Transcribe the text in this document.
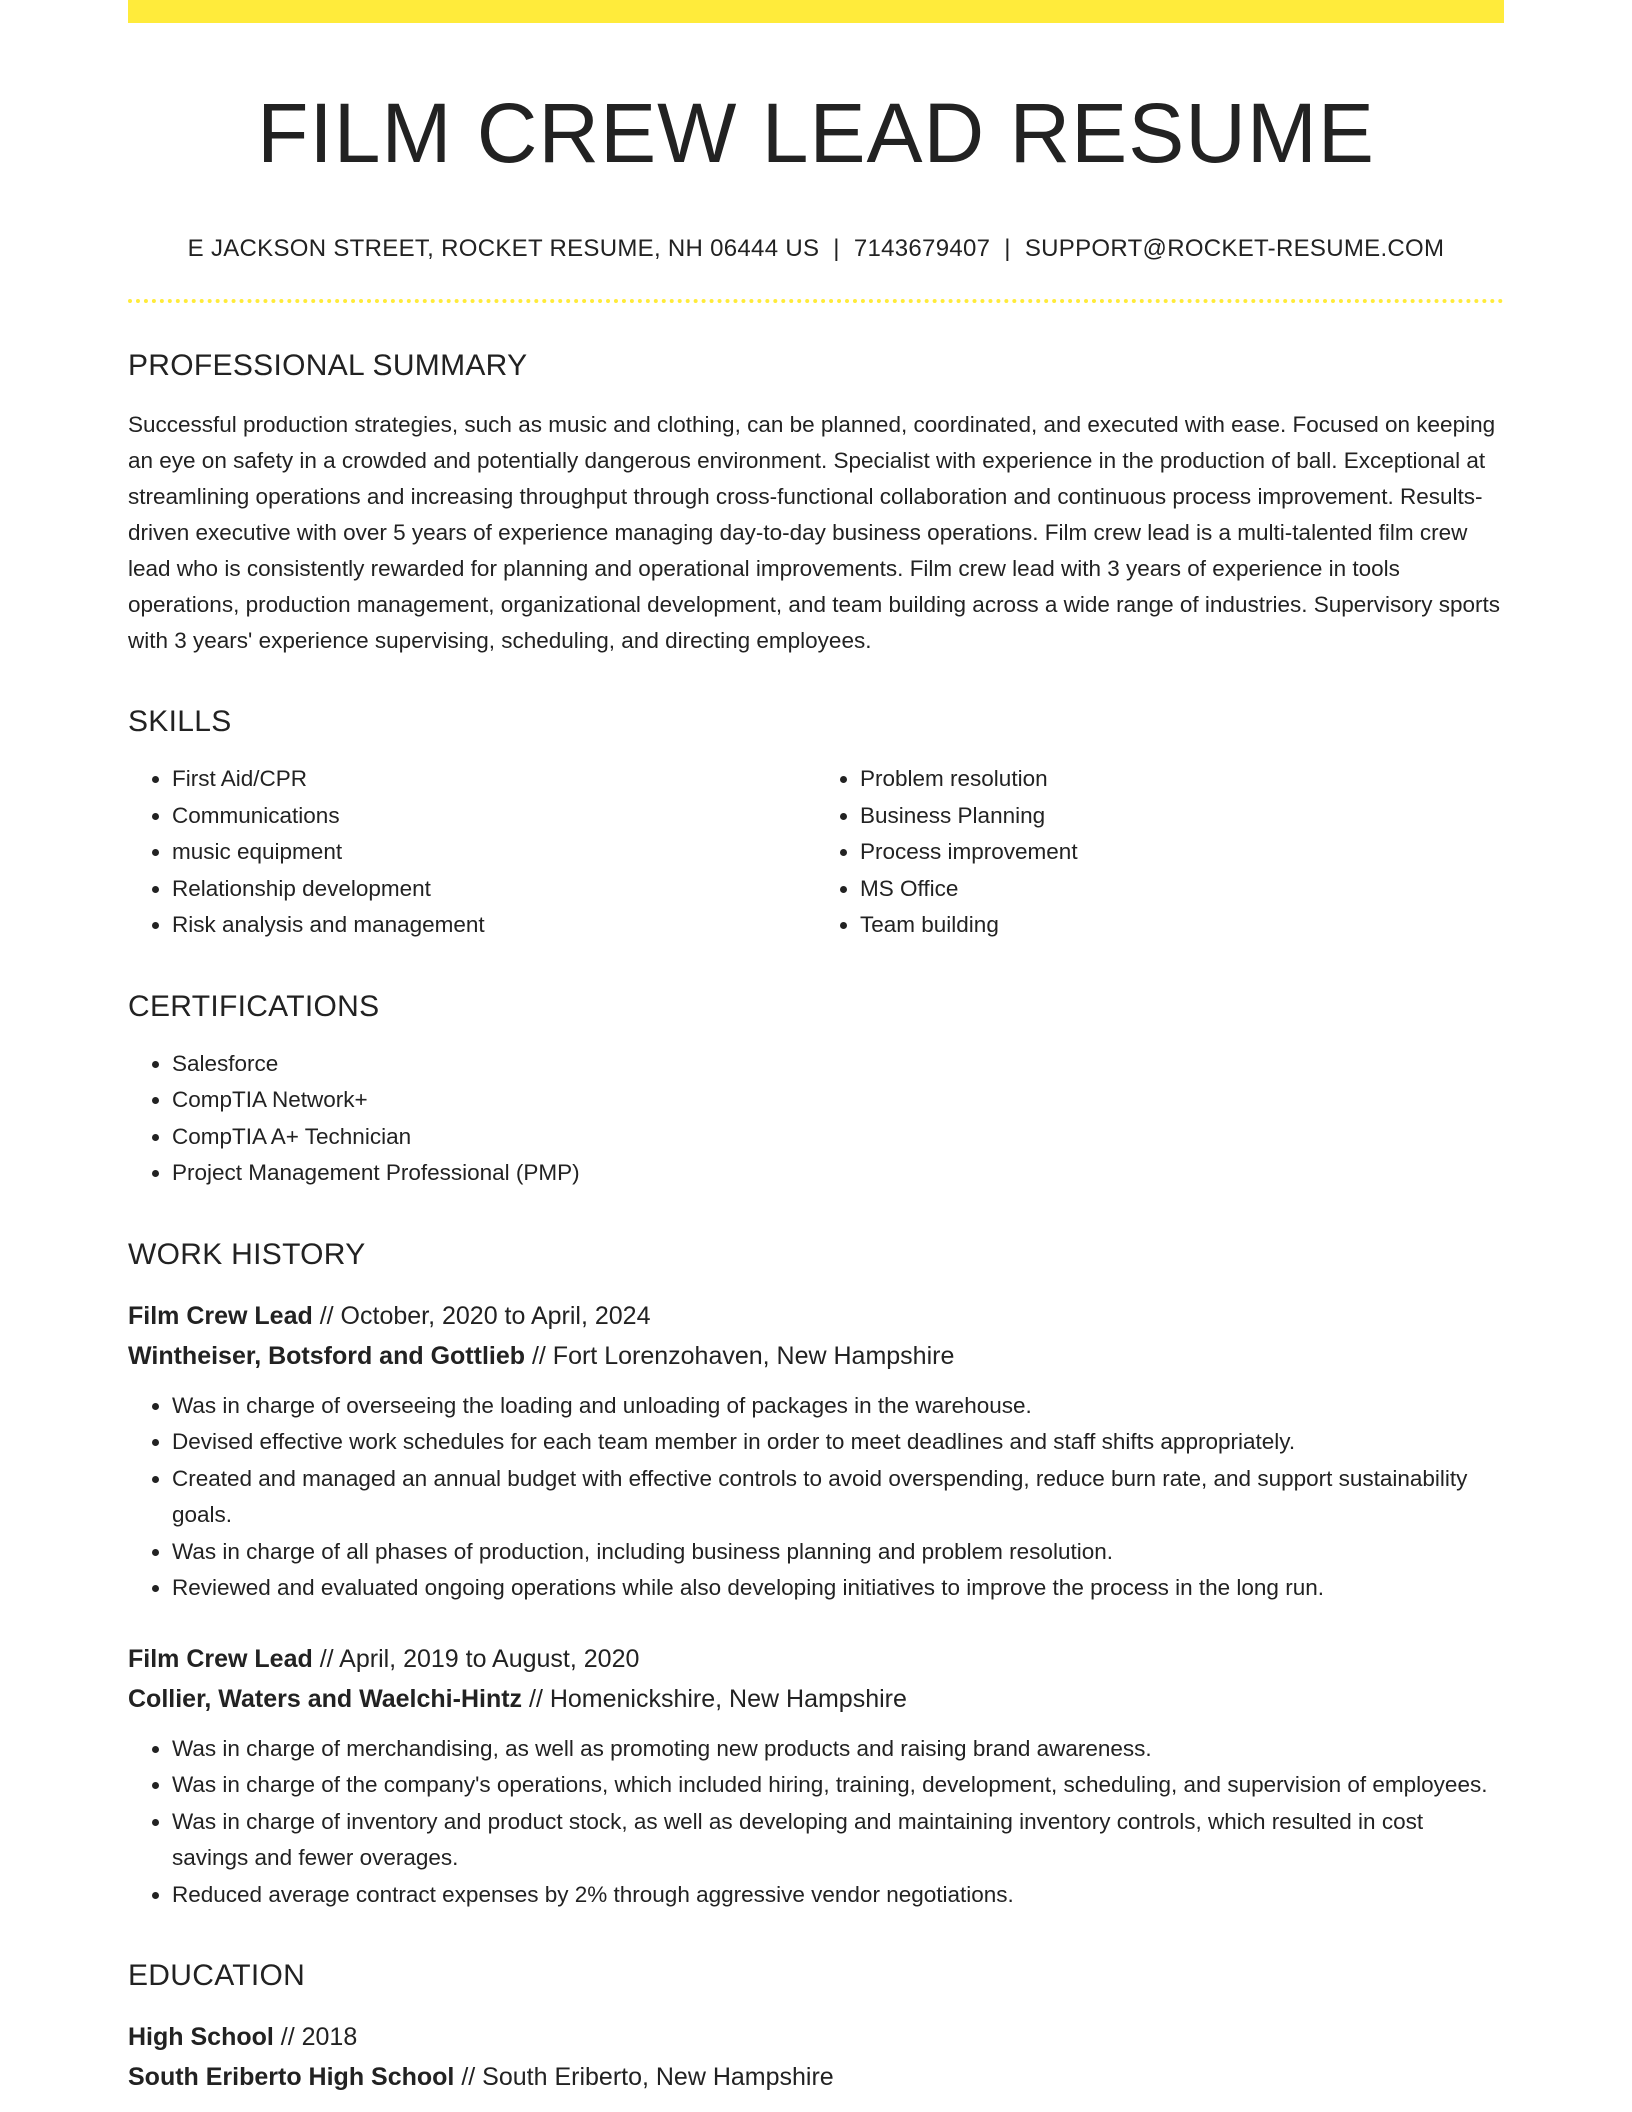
FILM CREW LEAD RESUME
E JACKSON STREET, ROCKET RESUME, NH 06444 US | 7143679407 | SUPPORT@ROCKET-RESUME.COM
PROFESSIONAL SUMMARY
Successful production strategies, such as music and clothing, can be planned, coordinated, and executed with ease. Focused on keeping an eye on safety in a crowded and potentially dangerous environment. Specialist with experience in the production of ball. Exceptional at streamlining operations and increasing throughput through cross-functional collaboration and continuous process improvement. Results-driven executive with over 5 years of experience managing day-to-day business operations. Film crew lead is a multi-talented film crew lead who is consistently rewarded for planning and operational improvements. Film crew lead with 3 years of experience in tools operations, production management, organizational development, and team building across a wide range of industries. Supervisory sports with 3 years' experience supervising, scheduling, and directing employees.
SKILLS
• First Aid/CPR
• Communications
• music equipment
• Relationship development
• Risk analysis and management
• Problem resolution
• Business Planning
• Process improvement
• MS Office
• Team building
CERTIFICATIONS
• Salesforce
• CompTIA Network+
• CompTIA A+ Technician
• Project Management Professional (PMP)
WORK HISTORY
Film Crew Lead // October, 2020 to April, 2024
Wintheiser, Botsford and Gottlieb // Fort Lorenzohaven, New Hampshire
• Was in charge of overseeing the loading and unloading of packages in the warehouse.
• Devised effective work schedules for each team member in order to meet deadlines and staff shifts appropriately.
• Created and managed an annual budget with effective controls to avoid overspending, reduce burn rate, and support sustainability goals.
• Was in charge of all phases of production, including business planning and problem resolution.
• Reviewed and evaluated ongoing operations while also developing initiatives to improve the process in the long run.
Film Crew Lead // April, 2019 to August, 2020
Collier, Waters and Waelchi-Hintz // Homenickshire, New Hampshire
• Was in charge of merchandising, as well as promoting new products and raising brand awareness.
• Was in charge of the company's operations, which included hiring, training, development, scheduling, and supervision of employees.
• Was in charge of inventory and product stock, as well as developing and maintaining inventory controls, which resulted in cost savings and fewer overages.
• Reduced average contract expenses by 2% through aggressive vendor negotiations.
EDUCATION
High School // 2018
South Eriberto High School // South Eriberto, New Hampshire
